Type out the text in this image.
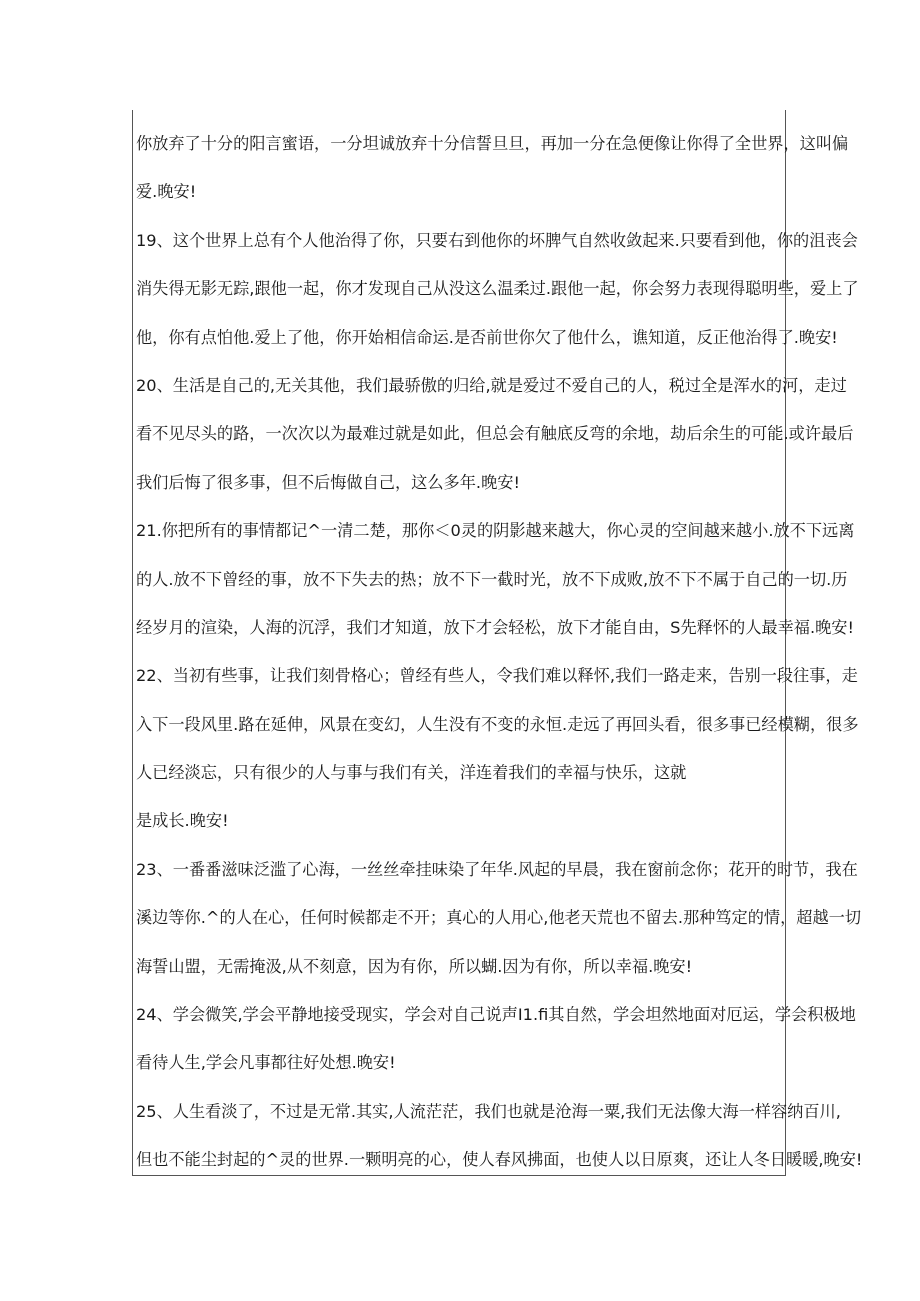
你放弃了十分的阳言蜜语，一分坦诚放弃十分信誓旦旦，再加一分在急便像让你得了全世界，这叫偏
爱.晚安!
19、这个世界上总有个人他治得了你，只要右到他你的坏脾气自然收敛起来.只要看到他，你的沮丧会
消失得无影无踪,跟他一起，你才发现自己从没这么温柔过.跟他一起，你会努力表现得聪明些，爱上了
他，你有点怕他.爱上了他，你开始相信命运.是否前世你欠了他什么，谯知道，反正他治得了.晚安!
20、生活是自己的,无关其他，我们最骄傲的归给,就是爱过不爱自己的人，税过全是浑水的河，走过
看不见尽头的路，一次次以为最难过就是如此，但总会有触底反弯的余地，劫后余生的可能.或许最后
我们后悔了很多事，但不后悔做自己，这么多年.晚安!
21.你把所有的事情都记^一清二楚，那你＜0灵的阴影越来越大，你心灵的空间越来越小.放不下远离
的人.放不下曾经的事，放不下失去的热；放不下一截时光，放不下成败,放不下不属于自己的一切.历
经岁月的渲染，人海的沉浮，我们才知道，放下才会轻松，放下才能自由，S先释怀的人最幸福.晚安!
22、当初有些事，让我们刻骨格心；曾经有些人，令我们难以释怀,我们一路走来，告别一段往事，走
入下一段风里.路在延伸，风景在变幻，人生没有不变的永恒.走远了再回头看，很多事已经模糊，很多
人已经淡忘，只有很少的人与事与我们有关，洋连着我们的幸福与快乐，这就
是成长.晚安!
23、一番番滋味泛滥了心海，一丝丝牵挂味染了年华.风起的早晨，我在窗前念你；花开的时节，我在
溪边等你.^的人在心，任何时候都走不开；真心的人用心,他老天荒也不留去.那种笃定的情，超越一切
海誓山盟，无需掩汲,从不刻意，因为有你，所以蝴.因为有你，所以幸福.晚安!
24、学会微笑,学会平静地接受现实，学会对自己说声I1.fi其自然，学会坦然地面对厄运，学会积极地
看待人生,学会凡事都往好处想.晚安!
25、人生看淡了，不过是无常.其实,人流茫茫，我们也就是沧海一粟,我们无法像大海一样容纳百川,
但也不能尘封起的^灵的世界.一颗明亮的心，使人春风拂面，也使人以日原爽，还让人冬日暖暖,晚安!
